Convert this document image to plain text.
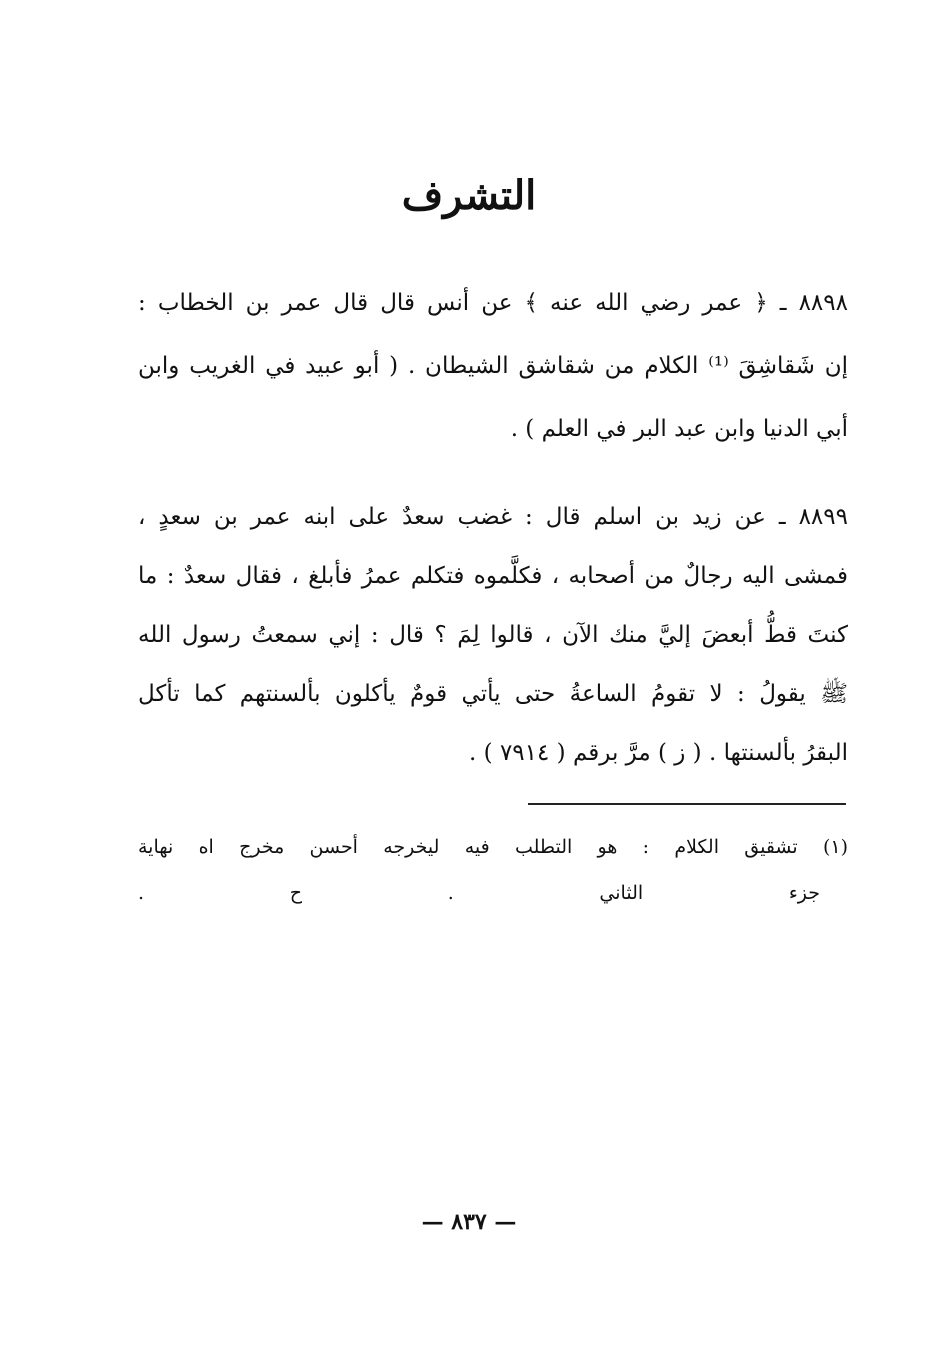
التشرف
٨٨٩٨ ـ ﴿ عمر رضي الله عنه ﴾ عن أنس قال قال عمر بن الخطاب :
إن شَقاشِقَ ⁽¹⁾ الكلام من شقاشق الشيطان . ( أبو عبيد في الغريب وابن
أبي الدنيا وابن عبد البر في العلم ) .
٨٨٩٩ ـ عن زيد بن اسلم قال : غضب سعدٌ على ابنه عمر بن سعدٍ ،
فمشى اليه رجالٌ من أصحابه ، فكلَّموه فتكلم عمرُ فأبلغ ، فقال سعدٌ : ما
كنتَ قطُّ أبعضَ إليَّ منك الآن ، قالوا لِمَ ؟ قال : إني سمعتُ رسول الله
ﷺ يقولُ : لا تقومُ الساعةُ حتى يأتي قومٌ يأكلون بألسنتهم كما تأكل
البقرُ بألسنتها . ( ز ) مرَّ برقم ( ٧٩١٤ ) .
(١) تشقيق الكلام : هو التطلب فيه ليخرجه أحسن مخرج اه نهاية
جزء الثاني . ح .
— ٨٣٧ —
